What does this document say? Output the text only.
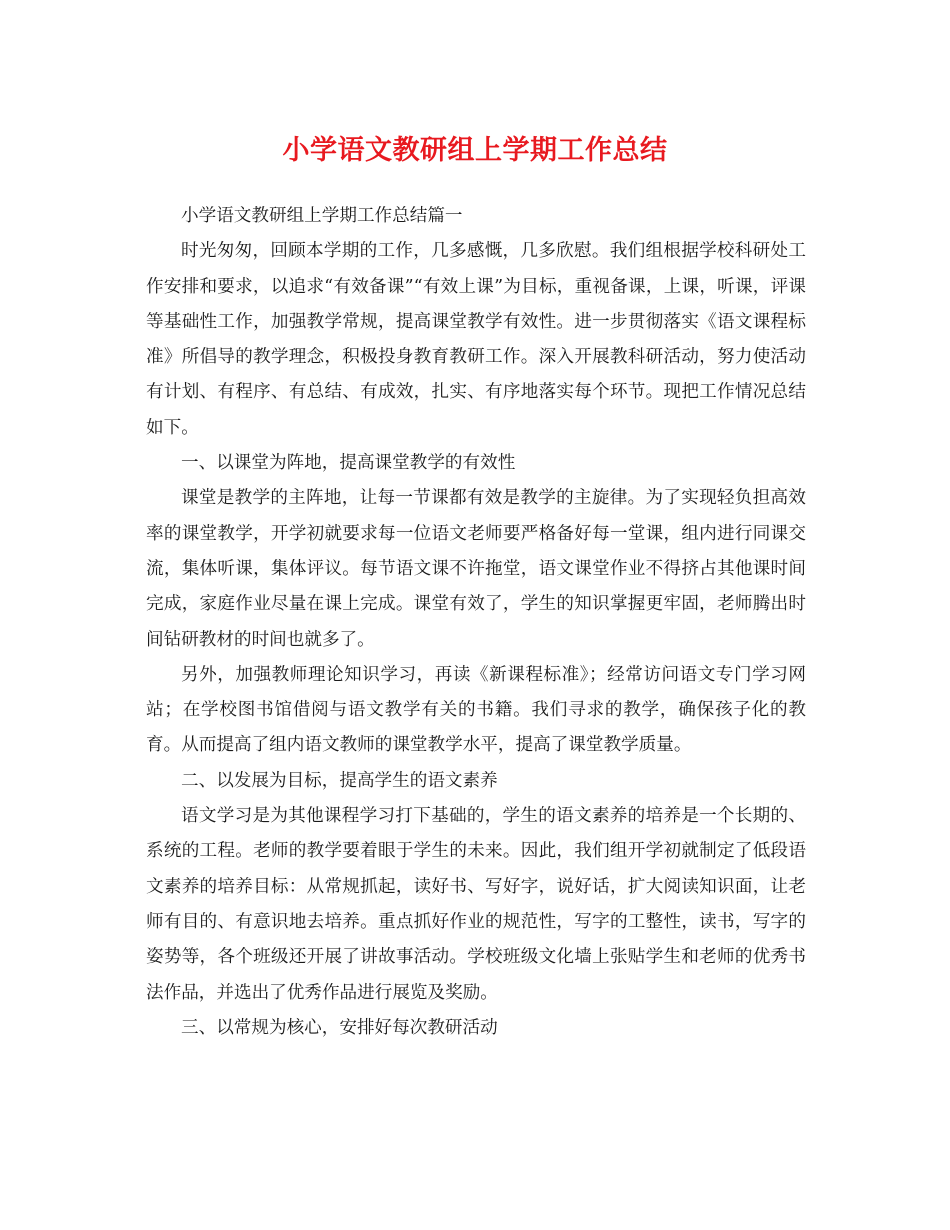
小学语文教研组上学期工作总结

小学语文教研组上学期工作总结篇一

时光匆匆，回顾本学期的工作，几多感慨，几多欣慰。我们组根据学校科研处工作安排和要求，以追求“有效备课”“有效上课”为目标，重视备课，上课，听课，评课等基础性工作，加强教学常规，提高课堂教学有效性。进一步贯彻落实《语文课程标准》所倡导的教学理念，积极投身教育教研工作。深入开展教科研活动，努力使活动有计划、有程序、有总结、有成效，扎实、有序地落实每个环节。现把工作情况总结如下。

一、以课堂为阵地，提高课堂教学的有效性

课堂是教学的主阵地，让每一节课都有效是教学的主旋律。为了实现轻负担高效率的课堂教学，开学初就要求每一位语文老师要严格备好每一堂课，组内进行同课交流，集体听课，集体评议。每节语文课不许拖堂，语文课堂作业不得挤占其他课时间完成，家庭作业尽量在课上完成。课堂有效了，学生的知识掌握更牢固，老师腾出时间钻研教材的时间也就多了。

另外，加强教师理论知识学习，再读《新课程标准》；经常访问语文专门学习网站；在学校图书馆借阅与语文教学有关的书籍。我们寻求的教学，确保孩子化的教育。从而提高了组内语文教师的课堂教学水平，提高了课堂教学质量。

二、以发展为目标，提高学生的语文素养

语文学习是为其他课程学习打下基础的，学生的语文素养的培养是一个长期的、系统的工程。老师的教学要着眼于学生的未来。因此，我们组开学初就制定了低段语文素养的培养目标：从常规抓起，读好书、写好字，说好话，扩大阅读知识面，让老师有目的、有意识地去培养。重点抓好作业的规范性，写字的工整性，读书，写字的姿势等，各个班级还开展了讲故事活动。学校班级文化墙上张贴学生和老师的优秀书法作品，并选出了优秀作品进行展览及奖励。

三、以常规为核心，安排好每次教研活动
